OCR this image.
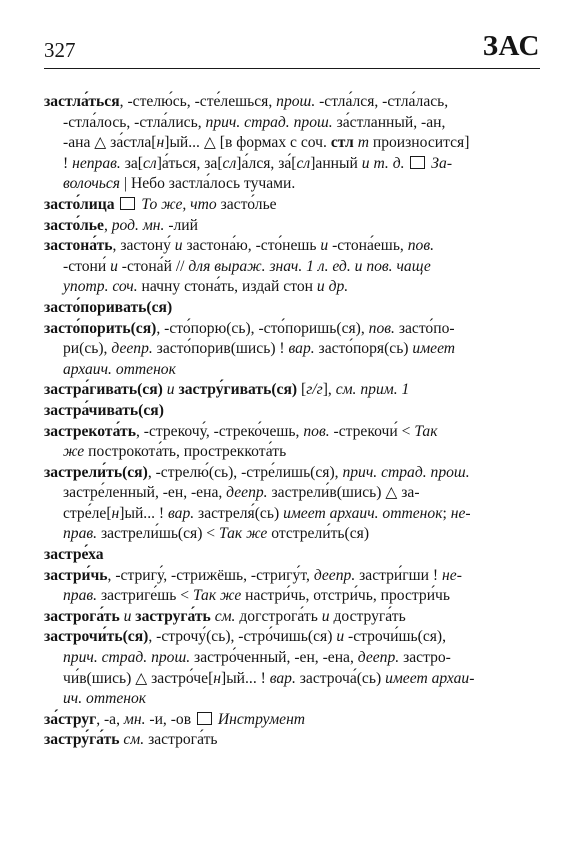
327	ЗАС
застла́ться, -стелю́сь, -сте́лешься, прош. -стла́лся, -стла́лась,
-стла́лось, -стла́лись, прич. страд. прош. за́стланный, -ан,
-ана △ за́стла[н]ый... △ [в формах с соч. стл т произносится]
! неправ. за[сл]а́ться, за[сл]а́лся, за́[сл]анный и т. д. За-
волочься | Небо застла́лось тучами.
засто́лица То же, что засто́лье
засто́лье, род. мн. -лий
застона́ть, застону́ и застона́ю, -сто́нешь и -стона́ешь, пов.
-стони́ и -стона́й // для выраж. знач. 1 л. ед. и пов. чаще
употр. соч. начну стона́ть, издай стон и др.
засто́поривать(ся)
засто́порить(ся), -сто́порю(сь), -сто́поришь(ся), пов. засто́по-
ри(сь), деепр. засто́порив(шись) ! вар. засто́поря(сь) имеет
архаич. оттенок
застра́гивать(ся) и застру́гивать(ся) [г/г], см. прим. 1
застра́чивать(ся)
застрекота́ть, -стрекочу́, -стреко́чешь, пов. -стрекочи́ < Так
же построкота́ть, простреккота́ть
застрели́ть(ся), -стрелю́(сь), -стре́лишь(ся), прич. страд. прош.
застре́ленный, -ен, -ена, деепр. застрели́в(шись) △ за-
стре́ле[н]ый... ! вар. застреля́(сь) имеет архаич. оттенок; не-
прав. застрели́шь(ся) < Так же отстрели́ть(ся)
застре́ха
застри́чь, -стригу́, -стрижёшь, -стригу́т, деепр. застри́гши ! не-
прав. застриге́шь < Так же настри́чь, отстри́чь, простри́чь
застрога́ть и заструга́ть см. догстрога́ть и доструга́ть
застрочи́ть(ся), -строчу́(сь), -стро́чишь(ся) и -строчи́шь(ся),
прич. страд. прош. застро́ченный, -ен, -ена, деепр. застро-
чи́в(шись) △ застро́че[н]ый... ! вар. застроча́(сь) имеет архаи-
ич. оттенок
за́струг, -а, мн. -и, -ов  Инструмент
застру́га́ть см. застрога́ть
